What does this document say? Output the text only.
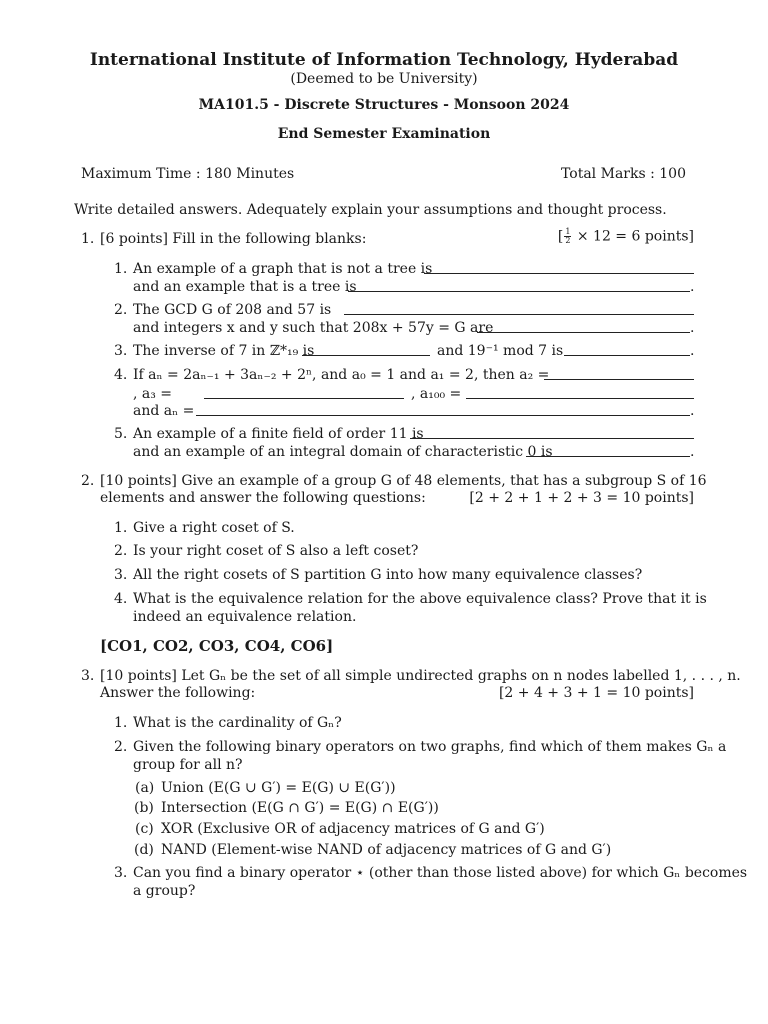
International Institute of Information Technology, Hyderabad
(Deemed to be University)
MA101.5 - Discrete Structures - Monsoon 2024
End Semester Examination
Maximum Time : 180 Minutes	Total Marks : 100
Write detailed answers. Adequately explain your assumptions and thought process.
1. [6 points] Fill in the following blanks:	[ $\frac{1}{2} \times 12 = 6$ points]
1. An example of a graph that is not a tree is
and an example that is a tree is	.
2. The GCD G of 208 and 57 is
and integers x and y such that 208x + 57y = G are	.
3. The inverse of 7 in ℤ*₁₉ is	and 19⁻¹ mod 7 is	.
4. If aₙ = 2aₙ₋₁ + 3aₙ₋₂ + 2ⁿ, and a₀ = 1 and a₁ = 2, then a₂ =
, a₃ =	, a₁₀₀ =
and aₙ =	.
5. An example of a finite field of order 11 is
and an example of an integral domain of characteristic 0 is	.
2. [10 points] Give an example of a group G of 48 elements, that has a subgroup S of 16
elements and answer the following questions:	[2 + 2 + 1 + 2 + 3 = 10 points]
1. Give a right coset of S.
2. Is your right coset of S also a left coset?
3. All the right cosets of S partition G into how many equivalence classes?
4. What is the equivalence relation for the above equivalence class? Prove that it is
indeed an equivalence relation.
[CO1, CO2, CO3, CO4, CO6]
3. [10 points] Let Gₙ be the set of all simple undirected graphs on n nodes labelled 1, . . . , n.
Answer the following:	[2 + 4 + 3 + 1 = 10 points]
1. What is the cardinality of Gₙ?
2. Given the following binary operators on two graphs, find which of them makes Gₙ a
group for all n?
(a) Union (E(G ∪ G′) = E(G) ∪ E(G′))
(b) Intersection (E(G ∩ G′) = E(G) ∩ E(G′))
(c) XOR (Exclusive OR of adjacency matrices of G and G′)
(d) NAND (Element-wise NAND of adjacency matrices of G and G′)
3. Can you find a binary operator ⋆ (other than those listed above) for which Gₙ becomes
a group?
